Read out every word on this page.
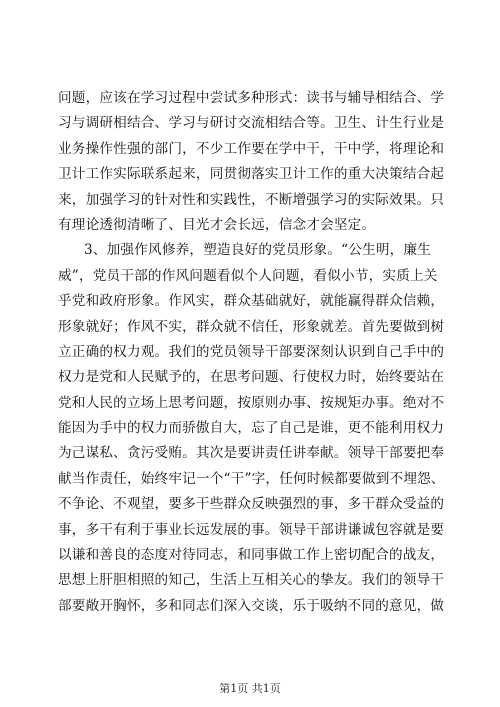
问题，应该在学习过程中尝试多种形式：读书与辅导相结合、学
习与调研相结合、学习与研讨交流相结合等。卫生、计生行业是
业务操作性强的部门，不少工作要在学中干，干中学，将理论和
卫计工作实际联系起来，同贯彻落实卫计工作的重大决策结合起
来，加强学习的针对性和实践性，不断增强学习的实际效果。只
有理论透彻清晰了、目光才会长远，信念才会坚定。
3、加强作风修养，塑造良好的党员形象。“公生明，廉生
威”，党员干部的作风问题看似个人问题，看似小节，实质上关
乎党和政府形象。作风实，群众基础就好，就能赢得群众信赖，
形象就好；作风不实，群众就不信任，形象就差。首先要做到树
立正确的权力观。我们的党员领导干部要深刻认识到自己手中的
权力是党和人民赋予的，在思考问题、行使权力时，始终要站在
党和人民的立场上思考问题，按原则办事、按规矩办事。绝对不
能因为手中的权力而骄傲自大，忘了自己是谁，更不能利用权力
为己谋私、贪污受贿。其次是要讲责任讲奉献。领导干部要把奉
献当作责任，始终牢记一个“干”字，任何时候都要做到不埋怨、
不争论、不观望，要多干些群众反映强烈的事，多干群众受益的
事，多干有利于事业长远发展的事。领导干部讲谦诚包容就是要
以谦和善良的态度对待同志，和同事做工作上密切配合的战友，
思想上肝胆相照的知己，生活上互相关心的挚友。我们的领导干
部要敞开胸怀，多和同志们深入交谈，乐于吸纳不同的意见，做
第1页 共1页
